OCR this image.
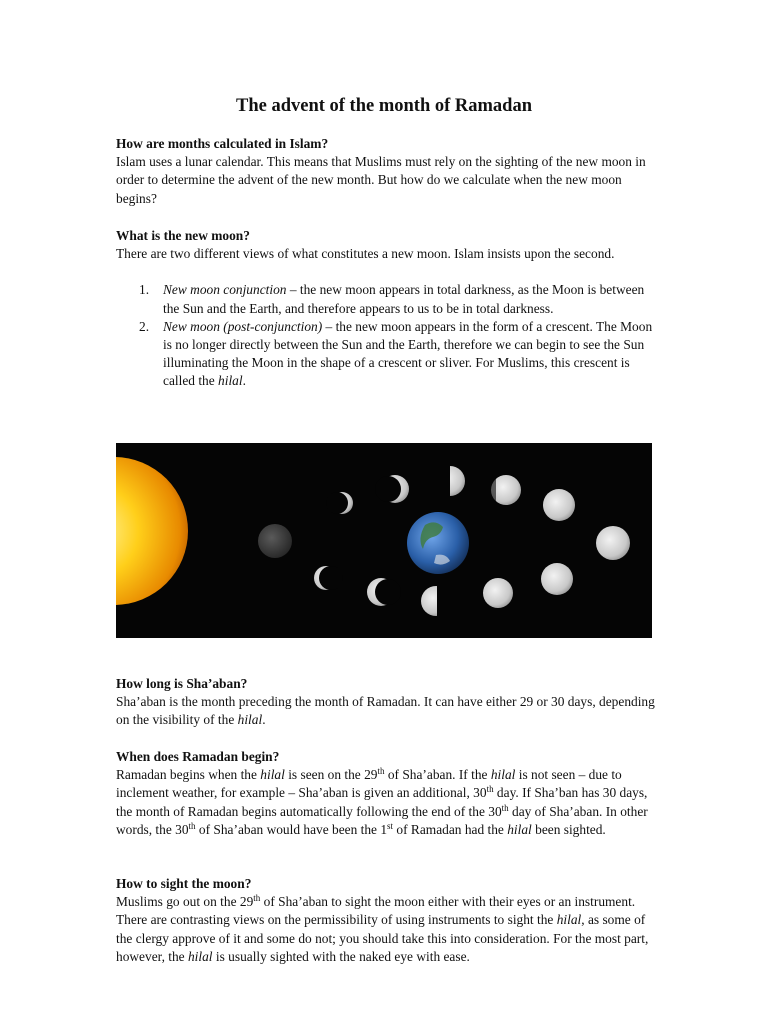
The advent of the month of Ramadan

How are months calculated in Islam?

Islam uses a lunar calendar. This means that Muslims must rely on the sighting of the new moon in order to determine the advent of the new month. But how do we calculate when the new moon begins?

What is the new moon?

There are two different views of what constitutes a new moon. Islam insists upon the second.

1. New moon conjunction – the new moon appears in total darkness, as the Moon is between the Sun and the Earth, and therefore appears to us to be in total darkness.
2. New moon (post-conjunction) – the new moon appears in the form of a crescent. The Moon is no longer directly between the Sun and the Earth, therefore we can begin to see the Sun illuminating the Moon in the shape of a crescent or sliver. For Muslims, this crescent is called the hilal.

How long is Sha’aban?

Sha’aban is the month preceding the month of Ramadan. It can have either 29 or 30 days, depending on the visibility of the hilal.

When does Ramadan begin?

Ramadan begins when the hilal is seen on the 29th of Sha’aban. If the hilal is not seen – due to inclement weather, for example – Sha’aban is given an additional, 30th day. If Sha’ban has 30 days, the month of Ramadan begins automatically following the end of the 30th day of Sha’aban. In other words, the 30th of Sha’aban would have been the 1st of Ramadan had the hilal been sighted.

How to sight the moon?

Muslims go out on the 29th of Sha’aban to sight the moon either with their eyes or an instrument. There are contrasting views on the permissibility of using instruments to sight the hilal, as some of the clergy approve of it and some do not; you should take this into consideration. For the most part, however, the hilal is usually sighted with the naked eye with ease.
